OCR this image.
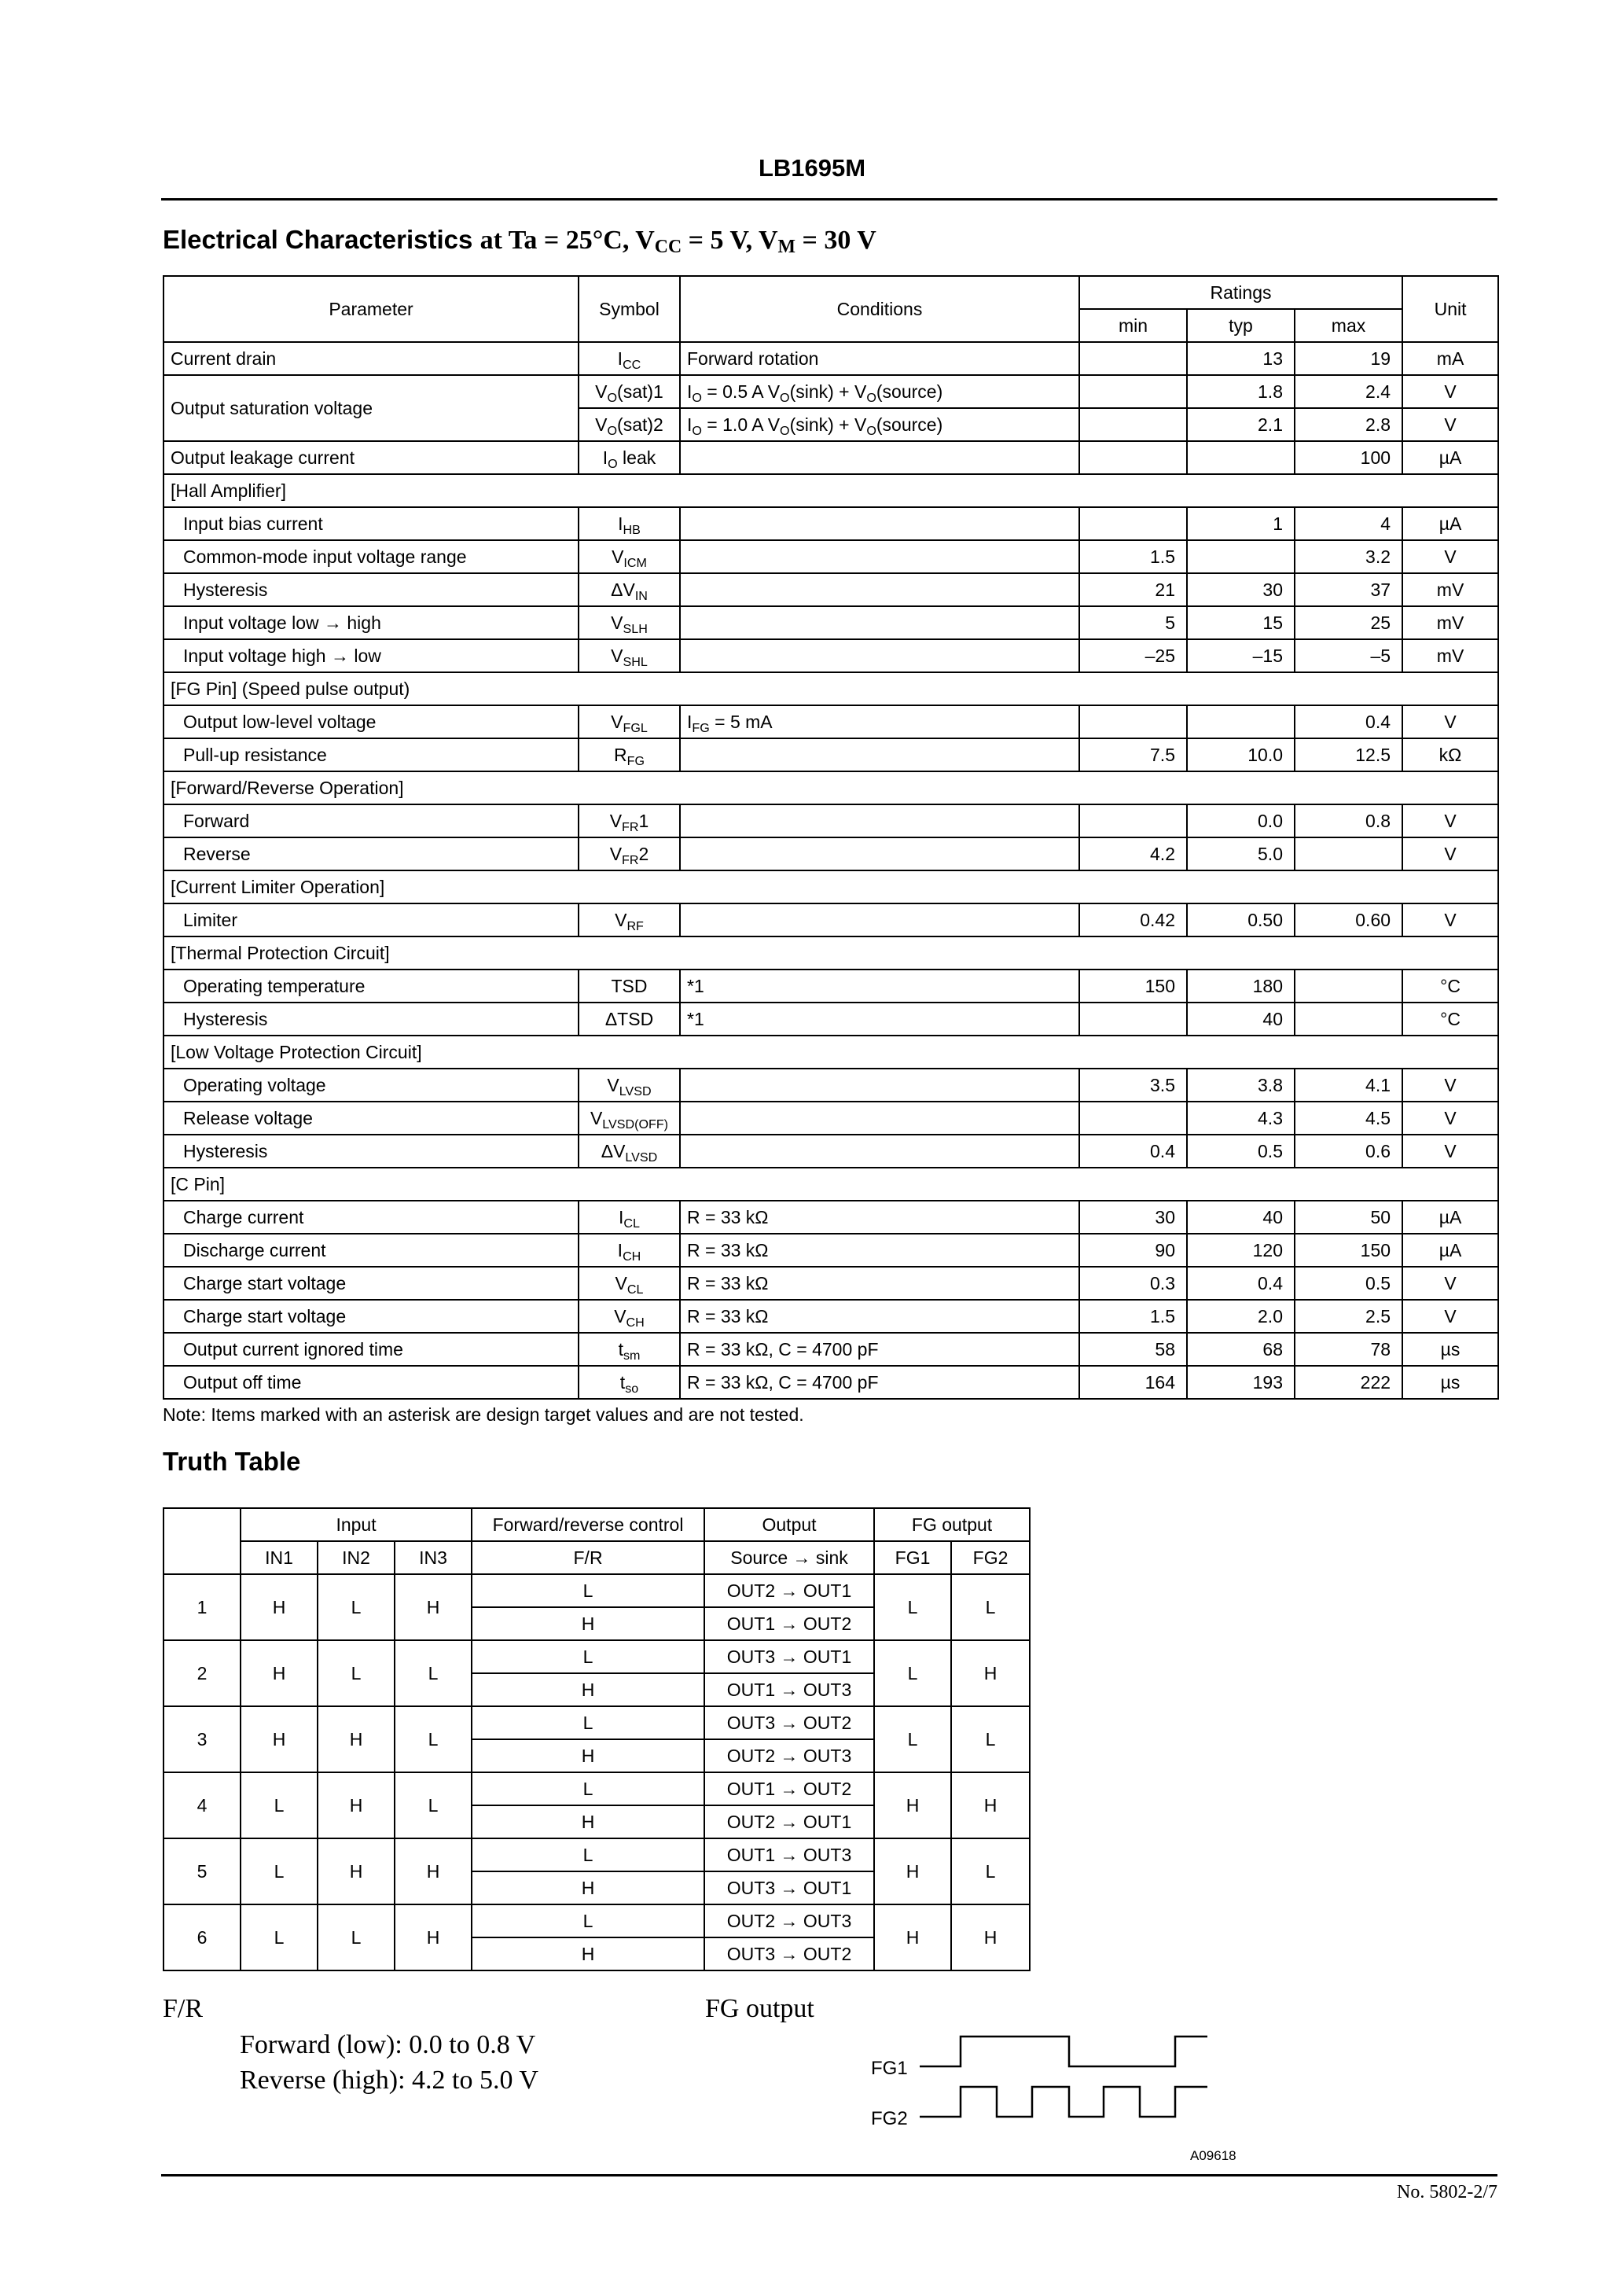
LB1695M
Electrical Characteristics at Ta = 25°C, $V_{CC} = 5$ V, $V_M = 30$ V
Parameter	Symbol	Conditions	Ratings			Unit
			min	typ	max	
Current drain	$I_{CC}$	Forward rotation		13	19	mA
Output saturation voltage	$V_O(sat)1$	$I_O = 0.5$ A $V_O(\sin k)$ + $V_O(source)$		1.8	2.4	V
	$V_O(sat)2$	$I_O = 1.0$ A $V_O(\sin k)$ + $V_O(source)$		2.1	2.8	V
Output leakage current	$I_O$ leak				100	µA
[Hall Amplifier]						
Input bias current	$I_{HB}$			1	4	µA
Common-mode input voltage range	$V_{ICM}$		1.5		3.2	V
Hysteresis	$\Delta V_{IN}$		21	30	37	mV
Input voltage low → high	$V_{SLH}$		5	15	25	mV
Input voltage high → low	$V_{SHL}$		–25	–15	–5	mV
[FG Pin] (Speed pulse output)						
Output low-level voltage	$V_{FGL}$	$I_{FG} = 5$ mA			0.4	V
Pull-up resistance	$R_{FG}$		7.5	10.0	12.5	kΩ
[Forward/Reverse Operation]						
Forward	$V_{FR}1$			0.0	0.8	V
Reverse	$V_{FR}2$		4.2	5.0		V
[Current Limiter Operation]						
Limiter	$V_{RF}$		0.42	0.50	0.60	V
[Thermal Protection Circuit]						
Operating temperature	TSD	*1	150	180		°C
Hysteresis	ΔTSD	*1		40		°C
[Low Voltage Protection Circuit]						
Operating voltage	$V_{LVSD}$		3.5	3.8	4.1	V
Release voltage	$V_{LVSD(OFF)}$			4.3	4.5	V
Hysteresis	$\Delta V_{LVSD}$		0.4	0.5	0.6	V
[C Pin]						
Charge current	$I_{CL}$	R = 33 kΩ	30	40	50	µA
Discharge current	$I_{CH}$	R = 33 kΩ	90	120	150	µA
Charge start voltage	$V_{CL}$	R = 33 kΩ	0.3	0.4	0.5	V
Charge start voltage	$V_{CH}$	R = 33 kΩ	1.5	2.0	2.5	V
Output current ignored time	$t_{sm}$	R = 33 kΩ, C = 4700 pF	58	68	78	µs
Output off time	$t_{so}$	R = 33 kΩ, C = 4700 pF	164	193	222	µs
Note: Items marked with an asterisk are design target values and are not tested.
Truth Table
	Input			Forward/reverse control	Output	FG output	
	IN1	IN2	IN3	F/R	Source → sink	FG1	FG2
1	H	L	H	L	OUT2 → OUT1	L	L
				H	OUT1 → OUT2		
2	H	L	L	L	OUT3 → OUT1	L	H
				H	OUT1 → OUT3		
3	H	H	L	L	OUT3 → OUT2	L	L
				H	OUT2 → OUT3		
4	L	H	L	L	OUT1 → OUT2	H	H
				H	OUT2 → OUT1		
5	L	H	H	L	OUT1 → OUT3	H	L
				H	OUT3 → OUT1		
6	L	L	H	L	OUT2 → OUT3	H	H
				H	OUT3 → OUT2		
F/R
Forward (low): 0.0 to 0.8 V
Reverse (high): 4.2 to 5.0 V
FG output
FG1
FG2
A09618
No. 5802-2/7
